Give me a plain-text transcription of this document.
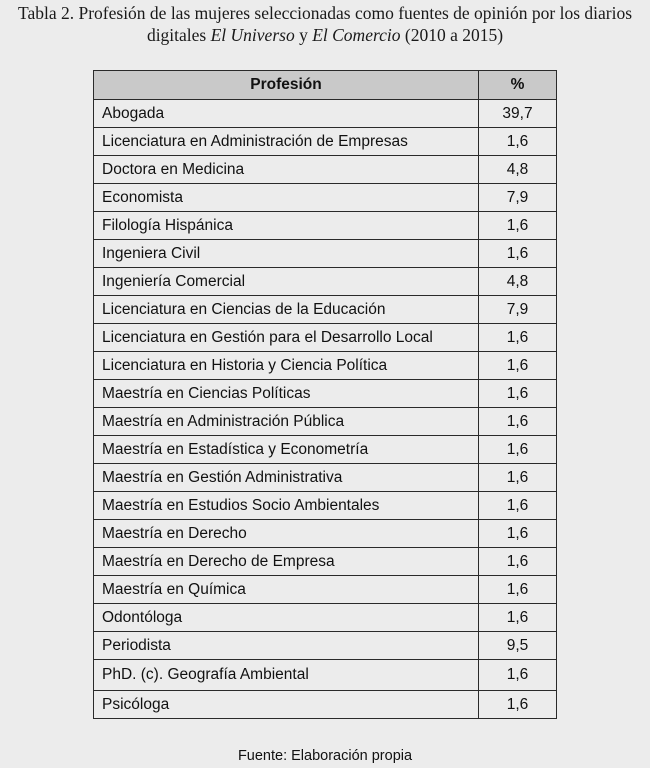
Tabla 2. Profesión de las mujeres seleccionadas como fuentes de opinión por los diarios
digitales El Universo y El Comercio (2010 a 2015)
Profesión	%
Abogada	39,7
Licenciatura en Administración de Empresas	1,6
Doctora en Medicina	4,8
Economista	7,9
Filología Hispánica	1,6
Ingeniera Civil	1,6
Ingeniería Comercial	4,8
Licenciatura en Ciencias de la Educación	7,9
Licenciatura en Gestión para el Desarrollo Local	1,6
Licenciatura en Historia y Ciencia Política	1,6
Maestría en Ciencias Políticas	1,6
Maestría en Administración Pública	1,6
Maestría en Estadística y Econometría	1,6
Maestría en Gestión Administrativa	1,6
Maestría en Estudios Socio Ambientales	1,6
Maestría en Derecho	1,6
Maestría en Derecho de Empresa	1,6
Maestría en Química	1,6
Odontóloga	1,6
Periodista	9,5
PhD. (c). Geografía Ambiental	1,6
Psicóloga	1,6
Fuente: Elaboración propia
